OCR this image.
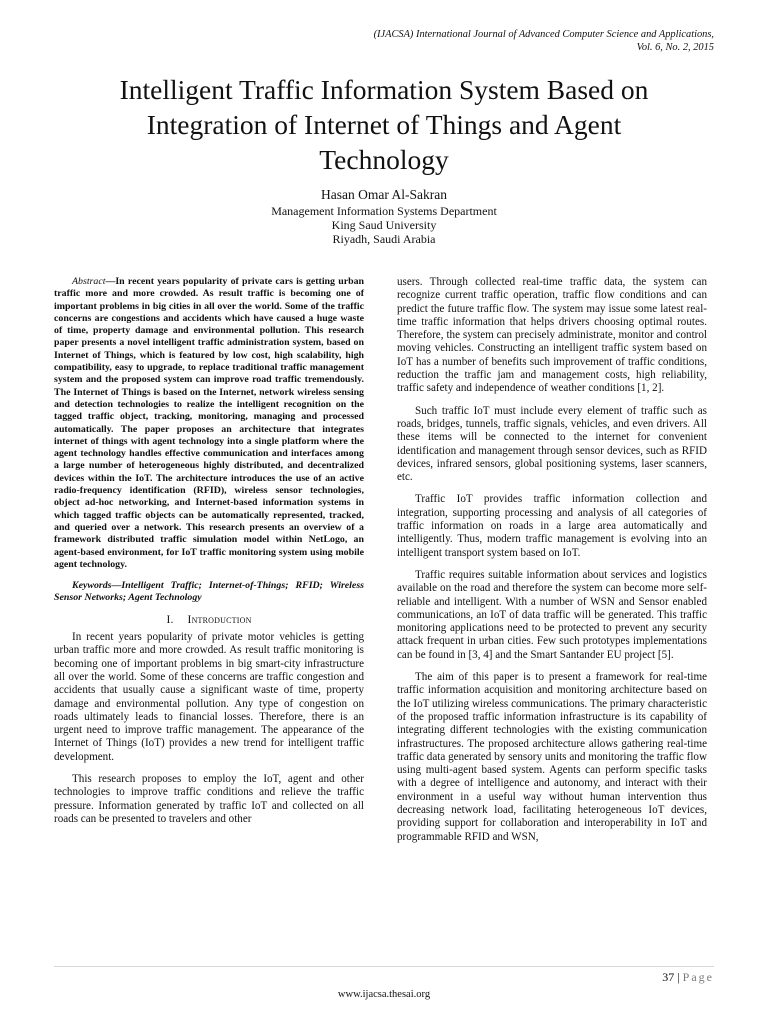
(IJACSA) International Journal of Advanced Computer Science and Applications,
Vol. 6, No. 2, 2015
Intelligent Traffic Information System Based on
Integration of Internet of Things and Agent
Technology
Hasan Omar Al-Sakran
Management Information Systems Department
King Saud University
Riyadh, Saudi Arabia

Abstract—In recent years popularity of private cars is getting urban traffic more and more crowded. As result traffic is becoming one of important problems in big cities in all over the world. Some of the traffic concerns are congestions and accidents which have caused a huge waste of time, property damage and environmental pollution. This research paper presents a novel intelligent traffic administration system, based on Internet of Things, which is featured by low cost, high scalability, high compatibility, easy to upgrade, to replace traditional traffic management system and the proposed system can improve road traffic tremendously. The Internet of Things is based on the Internet, network wireless sensing and detection technologies to realize the intelligent recognition on the tagged traffic object, tracking, monitoring, managing and processed automatically. The paper proposes an architecture that integrates internet of things with agent technology into a single platform where the agent technology handles effective communication and interfaces among a large number of heterogeneous highly distributed, and decentralized devices within the IoT. The architecture introduces the use of an active radio-frequency identification (RFID), wireless sensor technologies, object ad-hoc networking, and Internet-based information systems in which tagged traffic objects can be automatically represented, tracked, and queried over a network. This research presents an overview of a framework distributed traffic simulation model within NetLogo, an agent-based environment, for IoT traffic monitoring system using mobile agent technology.

Keywords—Intelligent Traffic; Internet-of-Things; RFID; Wireless Sensor Networks; Agent Technology

I. Introduction

In recent years popularity of private motor vehicles is getting urban traffic more and more crowded. As result traffic monitoring is becoming one of important problems in big smart-city infrastructure all over the world. Some of these concerns are traffic congestion and accidents that usually cause a significant waste of time, property damage and environmental pollution. Any type of congestion on roads ultimately leads to financial losses. Therefore, there is an urgent need to improve traffic management. The appearance of the Internet of Things (IoT) provides a new trend for intelligent traffic development.

This research proposes to employ the IoT, agent and other technologies to improve traffic conditions and relieve the traffic pressure. Information generated by traffic IoT and collected on all roads can be presented to travelers and other

users. Through collected real-time traffic data, the system can recognize current traffic operation, traffic flow conditions and can predict the future traffic flow. The system may issue some latest real-time traffic information that helps drivers choosing optimal routes. Therefore, the system can precisely administrate, monitor and control moving vehicles. Constructing an intelligent traffic system based on IoT has a number of benefits such improvement of traffic conditions, reduction the traffic jam and management costs, high reliability, traffic safety and independence of weather conditions [1, 2].

Such traffic IoT must include every element of traffic such as roads, bridges, tunnels, traffic signals, vehicles, and even drivers. All these items will be connected to the internet for convenient identification and management through sensor devices, such as RFID devices, infrared sensors, global positioning systems, laser scanners, etc.

Traffic IoT provides traffic information collection and integration, supporting processing and analysis of all categories of traffic information on roads in a large area automatically and intelligently. Thus, modern traffic management is evolving into an intelligent transport system based on IoT.

Traffic requires suitable information about services and logistics available on the road and therefore the system can become more self-reliable and intelligent. With a number of WSN and Sensor enabled communications, an IoT of data traffic will be generated. This traffic monitoring applications need to be protected to prevent any security attack frequent in urban cities. Few such prototypes implementations can be found in [3, 4] and the Smart Santander EU project [5].

The aim of this paper is to present a framework for real-time traffic information acquisition and monitoring architecture based on the IoT utilizing wireless communications. The primary characteristic of the proposed traffic information infrastructure is its capability of integrating different technologies with the existing communication infrastructures. The proposed architecture allows gathering real-time traffic data generated by sensory units and monitoring the traffic flow using multi-agent based system. Agents can perform specific tasks with a degree of intelligence and autonomy, and interact with their environment in a useful way without human intervention thus decreasing network load, facilitating heterogeneous IoT devices, providing support for collaboration and interoperability in IoT and programmable RFID and WSN,

37 | Page
www.ijacsa.thesai.org
